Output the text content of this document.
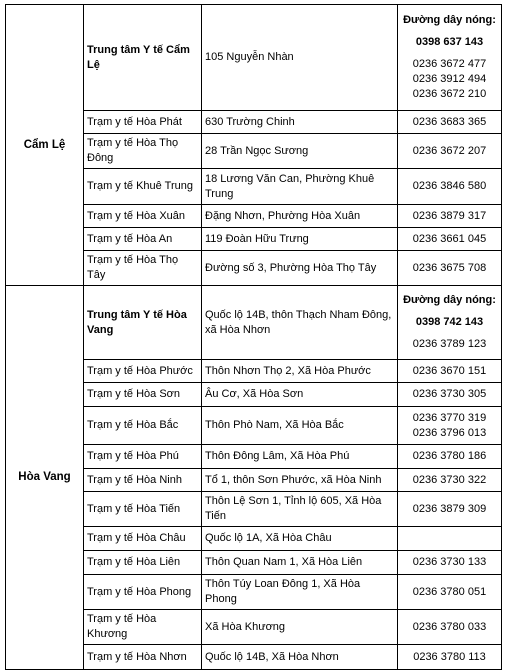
Cẩm Lệ	Trung tâm Y tế Cẩm Lệ	105 Nguyễn Nhàn	Đường dây nóng:
0398 637 143
0236 3672 477
0236 3912 494
0236 3672 210

	Trạm y tế Hòa Phát	630 Trường Chinh	0236 3683 365

	Trạm y tế Hòa Thọ Đông	28 Trần Ngọc Sương	0236 3672 207

	Trạm y tế Khuê Trung	18 Lương Văn Can, Phường Khuê Trung	0236 3846 580

	Trạm y tế Hòa Xuân	Đặng Nhơn, Phường Hòa Xuân	0236 3879 317

	Trạm y tế Hòa An	119 Đoàn Hữu Trưng	0236 3661 045

	Trạm y tế Hòa Thọ Tây	Đường số 3, Phường Hòa Thọ Tây	0236 3675 708

Hòa Vang	Trung tâm Y tế Hòa Vang	Quốc lộ 14B, thôn Thạch Nham Đông, xã Hòa Nhơn	Đường dây nóng:
0398 742 143
0236 3789 123

	Trạm y tế Hòa Phước	Thôn Nhơn Thọ 2, Xã Hòa Phước	0236 3670 151

	Trạm y tế Hòa Sơn	Âu Cơ, Xã Hòa Sơn	0236 3730 305

	Trạm y tế Hòa Bắc	Thôn Phò Nam, Xã Hòa Bắc	0236 3770 319
0236 3796 013

	Trạm y tế Hòa Phú	Thôn Đông Lâm, Xã Hòa Phú	0236 3780 186

	Trạm y tế Hòa Ninh	Tổ 1, thôn Sơn Phước, xã Hòa Ninh	0236 3730 322

	Trạm y tế Hòa Tiến	Thôn Lệ Sơn 1, Tỉnh lộ 605, Xã Hòa Tiến	0236 3879 309

	Trạm y tế Hòa Châu	Quốc lộ 1A, Xã Hòa Châu	
	Trạm y tế Hòa Liên	Thôn Quan Nam 1, Xã Hòa Liên	0236 3730 133

	Trạm y tế Hòa Phong	Thôn Túy Loan Đông 1, Xã Hòa Phong	0236 3780 051

	Trạm y tế Hòa Khương	Xã Hòa Khương	0236 3780 033

	Trạm y tế Hòa Nhơn	Quốc lộ 14B, Xã Hòa Nhơn	0236 3780 113
